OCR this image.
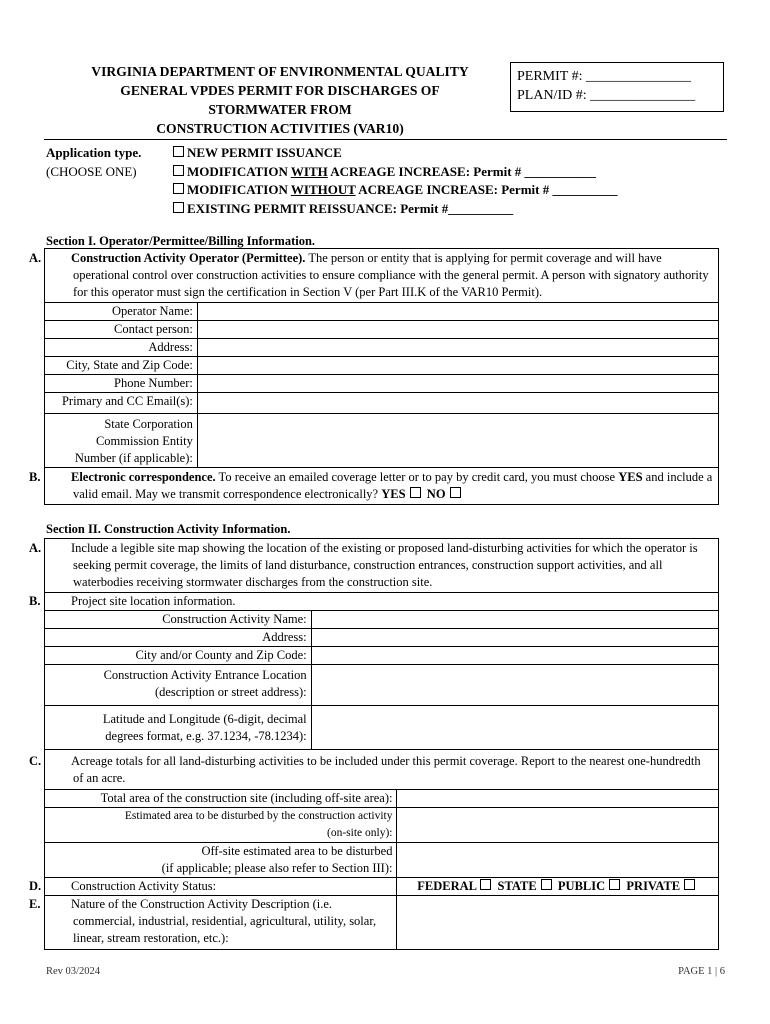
VIRGINIA DEPARTMENT OF ENVIRONMENTAL QUALITY
GENERAL VPDES PERMIT FOR DISCHARGES OF
STORMWATER FROM
CONSTRUCTION ACTIVITIES (VAR10)
PERMIT #: _______________
PLAN/ID #: _______________
Application type.
(CHOOSE ONE)
NEW PERMIT ISSUANCE
MODIFICATION WITH ACREAGE INCREASE: Permit # ___________
MODIFICATION WITHOUT ACREAGE INCREASE: Permit # __________
EXISTING PERMIT REISSUANCE: Permit #__________
Section I. Operator/Permittee/Billing Information.
A. Construction Activity Operator (Permittee). The person or entity that is applying for permit coverage and will have operational control over construction activities to ensure compliance with the general permit. A person with signatory authority for this operator must sign the certification in Section V (per Part III.K of the VAR10 Permit).	
Operator Name:	
Contact person:	
Address:	
City, State and Zip Code:	
Phone Number:	
Primary and CC Email(s):	

State Corporation
Commission Entity
Number (if applicable):	

B. Electronic correspondence. To receive an emailed coverage letter or to pay by credit card, you must choose YES and include a valid email. May we transmit correspondence electronically? YES NO	
Section II. Construction Activity Information.
A. Include a legible site map showing the location of the existing or proposed land-disturbing activities for which the operator is seeking permit coverage, the limits of land disturbance, construction entrances, construction support activities, and all waterbodies receiving stormwater discharges from the construction site.		
B. Project site location information.		
Construction Activity Name:		
Address:		
City and/or County and Zip Code:		

Construction Activity Entrance Location
(description or street address):		

Latitude and Longitude (6-digit, decimal
degrees format, e.g. 37.1234, -78.1234):		

C. Acreage totals for all land-disturbing activities to be included under this permit coverage. Report to the nearest one-hundredth of an acre.		
Total area of the construction site (including off-site area):		

Estimated area to be disturbed by the construction activity
(on-site only):		

Off-site estimated area to be disturbed
(if applicable; please also refer to Section III):		

D. Construction Activity Status:		FEDERAL STATE PUBLIC PRIVATE
E. Nature of the Construction Activity Description (i.e. commercial, industrial, residential, agricultural, utility, solar, linear, stream restoration, etc.):		
Rev 03/2024	PAGE 1 | 6
